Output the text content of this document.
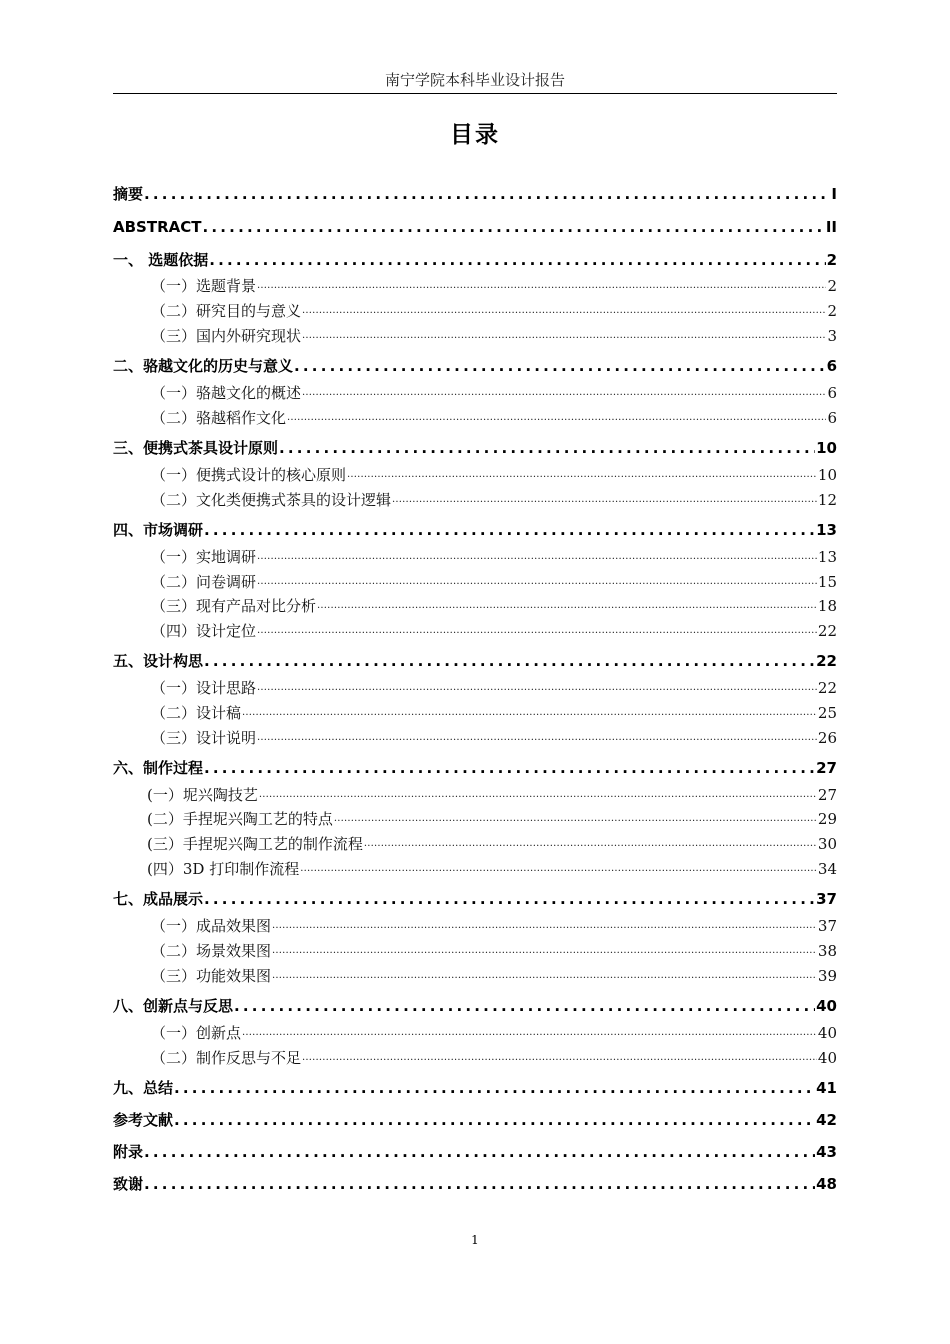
南宁学院本科毕业设计报告
目录
摘要 .....	I
ABSTRACT .....	II
一、 选题依据 .....	2
（一）选题背景 .....	2
（二）研究目的与意义 .....	2
（三）国内外研究现状 .....	3
二、骆越文化的历史与意义 .....	6
（一）骆越文化的概述 .....	6
（二）骆越稻作文化 .....	6
三、便携式茶具设计原则 .....	10
（一）便携式设计的核心原则 .....	10
（二）文化类便携式茶具的设计逻辑 .....	12
四、市场调研 .....	13
（一）实地调研 .....	13
（二）问卷调研 .....	15
（三）现有产品对比分析 .....	18
（四）设计定位 .....	22
五、设计构思 .....	22
（一）设计思路 .....	22
（二）设计稿 .....	25
（三）设计说明 .....	26
六、制作过程 .....	27
(一）坭兴陶技艺 .....	27
(二）手捏坭兴陶工艺的特点 .....	29
(三）手捏坭兴陶工艺的制作流程 .....	30
(四）3D 打印制作流程 .....	34
七、成品展示 .....	37
（一）成品效果图 .....	37
（二）场景效果图 .....	38
（三）功能效果图 .....	39
八、创新点与反思 .....	40
（一）创新点 .....	40
（二）制作反思与不足 .....	40
九、总结 .....	41
参考文献 .....	42
附录 .....	43
致谢 .....	48
1
